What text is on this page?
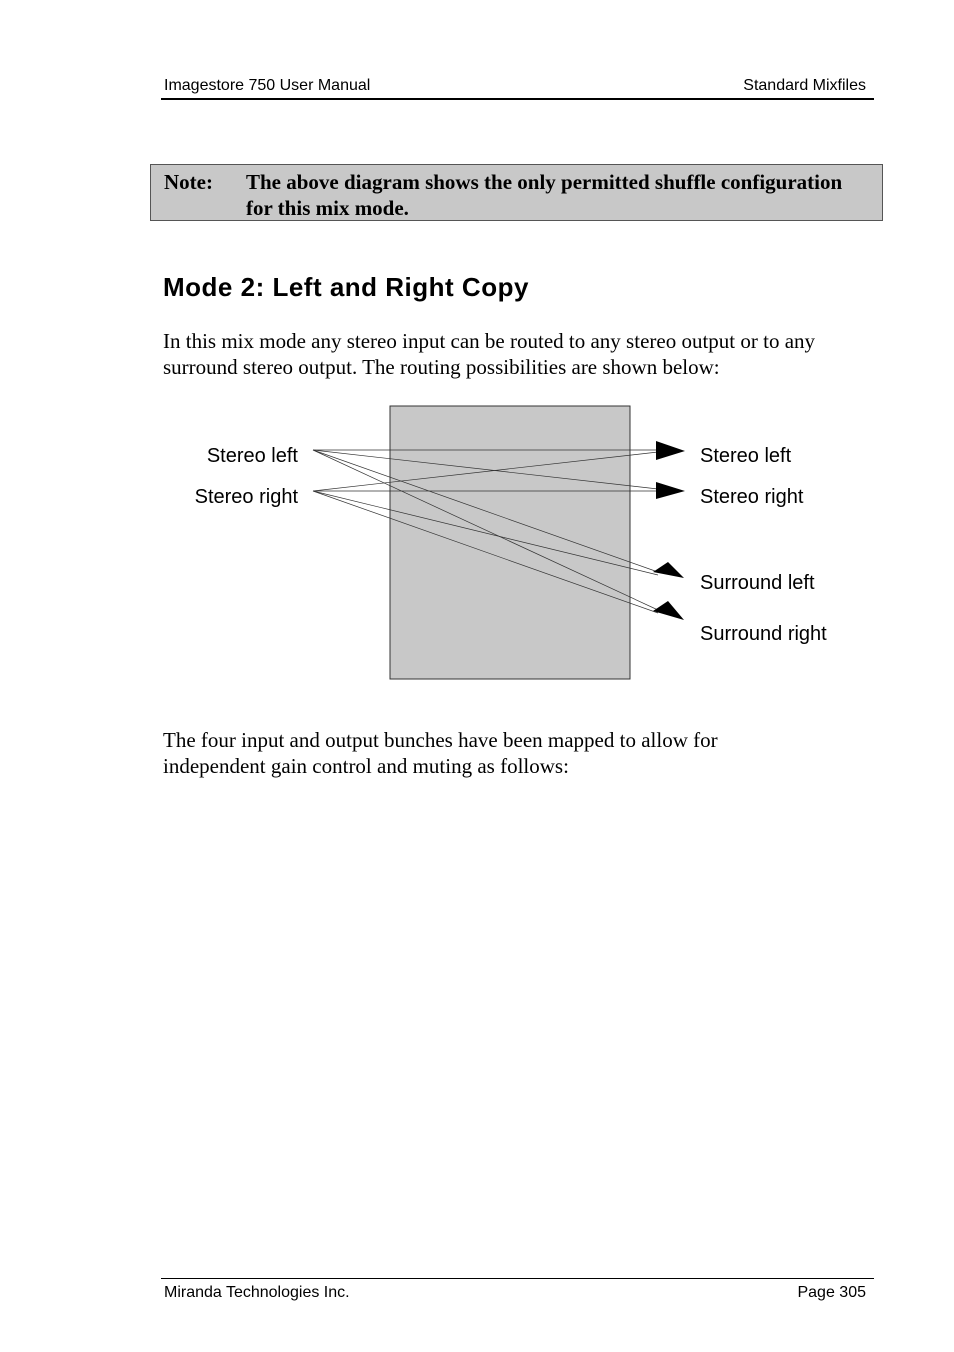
Imagestore 750 User Manual	Standard Mixfiles
Note: The above diagram shows the only permitted shuffle configuration for this mix mode.
Mode 2: Left and Right Copy
In this mix mode any stereo input can be routed to any stereo output or to any surround stereo output. The routing possibilities are shown below:
Stereo left
Stereo right
Stereo left
Stereo right
Surround left
Surround right
The four input and output bunches have been mapped to allow for independent gain control and muting as follows:
Miranda Technologies Inc.	Page 305
